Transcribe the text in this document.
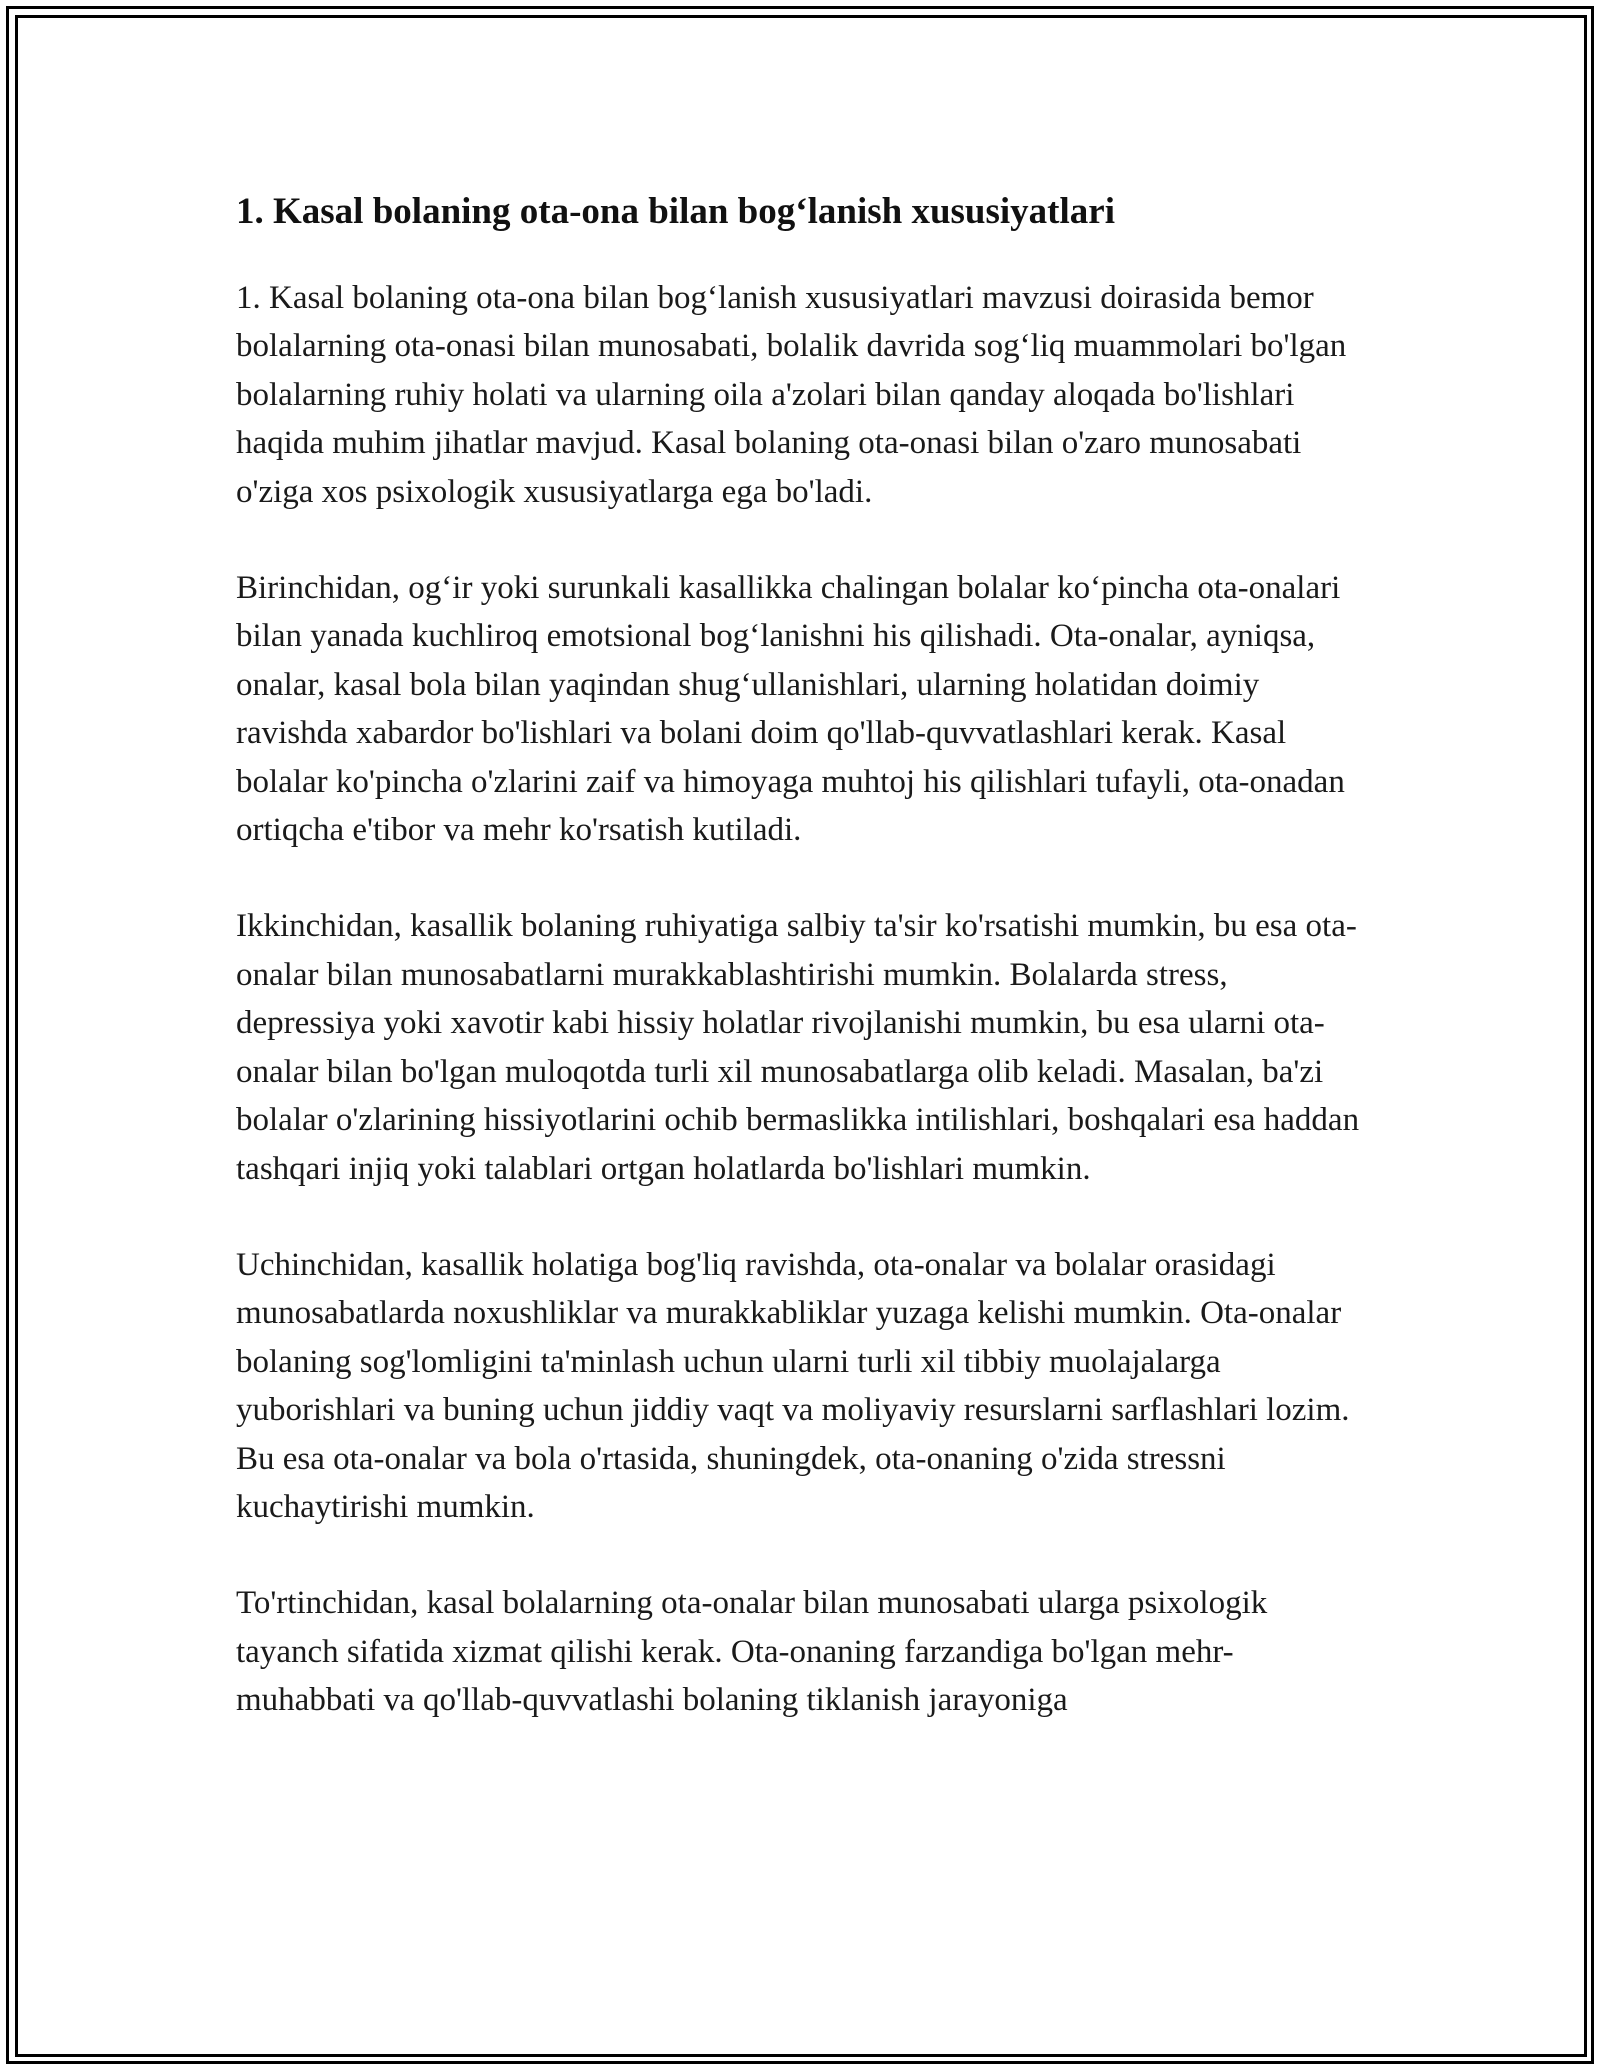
1. Kasal bolaning ota-ona bilan bog‘lanish xususiyatlari

1. Kasal bolaning ota-ona bilan bog‘lanish xususiyatlari mavzusi doirasida bemor bolalarning ota-onasi bilan munosabati, bolalik davrida sog‘liq muammolari bo'lgan bolalarning ruhiy holati va ularning oila a'zolari bilan qanday aloqada bo'lishlari haqida muhim jihatlar mavjud. Kasal bolaning ota-onasi bilan o'zaro munosabati o'ziga xos psixologik xususiyatlarga ega bo'ladi.

Birinchidan, og‘ir yoki surunkali kasallikka chalingan bolalar ko‘pincha ota-onalari bilan yanada kuchliroq emotsional bog‘lanishni his qilishadi. Ota-onalar, ayniqsa, onalar, kasal bola bilan yaqindan shug‘ullanishlari, ularning holatidan doimiy ravishda xabardor bo'lishlari va bolani doim qo'llab-quvvatlashlari kerak. Kasal bolalar ko'pincha o'zlarini zaif va himoyaga muhtoj his qilishlari tufayli, ota-onadan ortiqcha e'tibor va mehr ko'rsatish kutiladi.

Ikkinchidan, kasallik bolaning ruhiyatiga salbiy ta'sir ko'rsatishi mumkin, bu esa ota-onalar bilan munosabatlarni murakkablashtirishi mumkin. Bolalarda stress, depressiya yoki xavotir kabi hissiy holatlar rivojlanishi mumkin, bu esa ularni ota-onalar bilan bo'lgan muloqotda turli xil munosabatlarga olib keladi. Masalan, ba'zi bolalar o'zlarining hissiyotlarini ochib bermaslikka intilishlari, boshqalari esa haddan tashqari injiq yoki talablari ortgan holatlarda bo'lishlari mumkin.

Uchinchidan, kasallik holatiga bog'liq ravishda, ota-onalar va bolalar orasidagi munosabatlarda noxushliklar va murakkabliklar yuzaga kelishi mumkin. Ota-onalar bolaning sog'lomligini ta'minlash uchun ularni turli xil tibbiy muolajalarga yuborishlari va buning uchun jiddiy vaqt va moliyaviy resurslarni sarflashlari lozim. Bu esa ota-onalar va bola o'rtasida, shuningdek, ota-onaning o'zida stressni kuchaytirishi mumkin.

To'rtinchidan, kasal bolalarning ota-onalar bilan munosabati ularga psixologik tayanch sifatida xizmat qilishi kerak. Ota-onaning farzandiga bo'lgan mehr-muhabbati va qo'llab-quvvatlashi bolaning tiklanish jarayoniga
